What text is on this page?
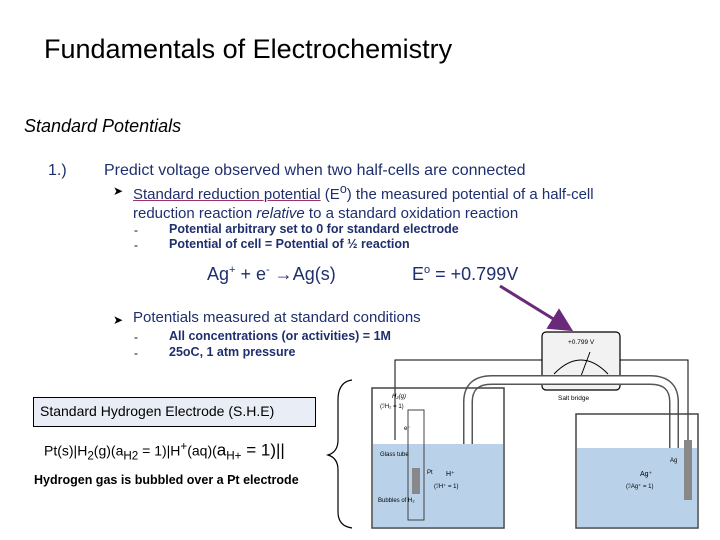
Fundamentals of Electrochemistry
Standard Potentials
1.) Predict voltage observed when two half-cells are connected
➤ Standard reduction potential $(E^o)$ the measured potential of a half-cell reduction reaction relative to a standard oxidation reaction
- Potential arbitrary set to 0 for standard electrode
- Potential of cell = Potential of ½ reaction
Ag+ + e- →Ag(s)	$E^o = +0.799V$
➤ Potentials measured at standard conditions
- All concentrations (or activities) = 1M
- 25oC, 1 atm pressure
Standard Hydrogen Electrode (S.H.E)
$Pt(s)|H_2(g)(a_{H2} = 1)|H^+(aq)(a_{H+} = 1)||$
Hydrogen gas is bubbled over a Pt electrode
+0.799 V
Salt bridge
H₂(g)
(ℐH₂ = 1)
e⁻
Glass tube
Pt H⁺
(ℐH⁺ = 1)
Bubbles of H₂
Ag
Ag⁺
(ℐAg⁺ = 1)
